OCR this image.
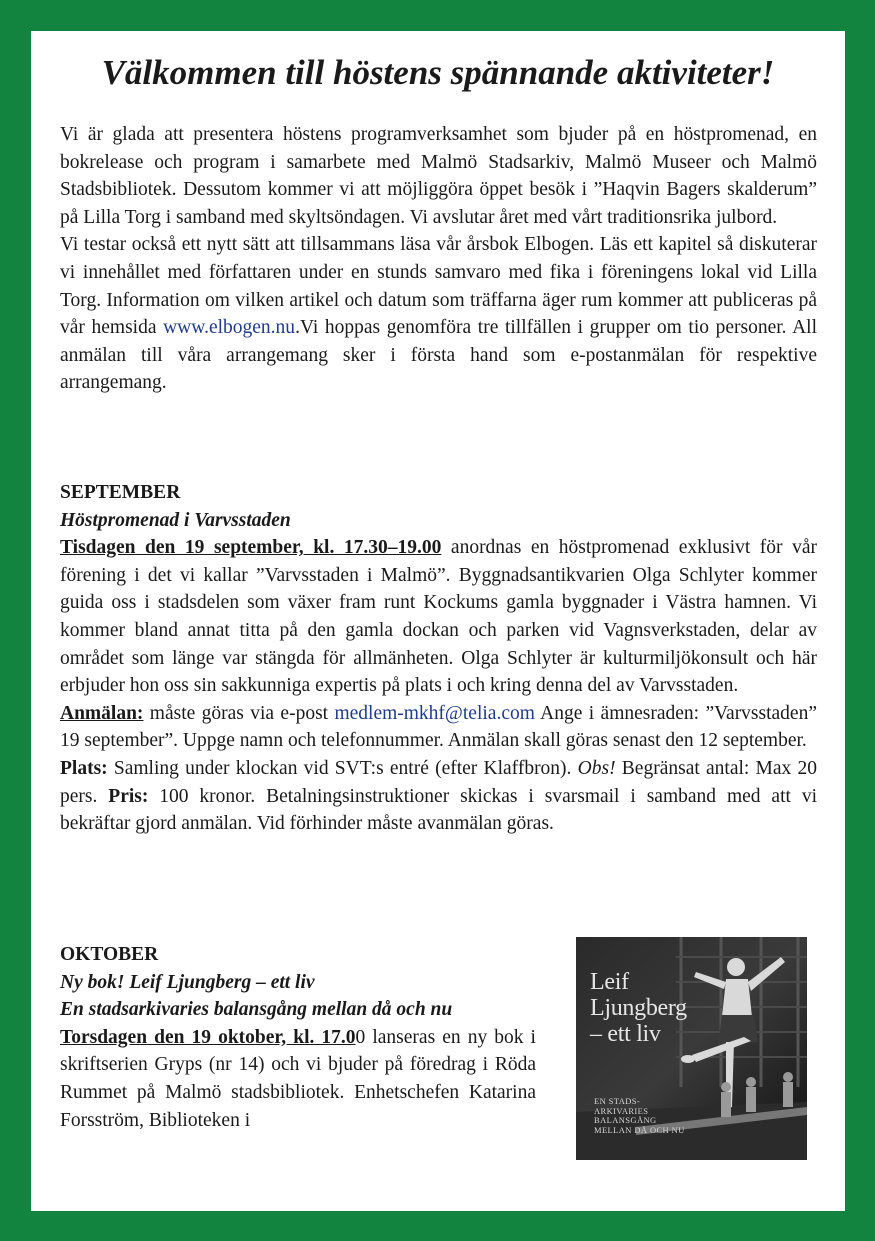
Välkommen till höstens spännande aktiviteter!

Vi är glada att presentera höstens programverksamhet som bjuder på en höstpromenad, en bokrelease och program i samarbete med Malmö Stadsarkiv, Malmö Museer och Malmö Stadsbibliotek. Dessutom kommer vi att möjliggöra öppet besök i ”Haqvin Bagers skalderum” på Lilla Torg i samband med skyltsöndagen. Vi avslutar året med vårt traditionsrika julbord.

Vi testar också ett nytt sätt att tillsammans läsa vår årsbok Elbogen. Läs ett kapitel så diskuterar vi innehållet med författaren under en stunds samvaro med fika i föreningens lokal vid Lilla Torg. Information om vilken artikel och datum som träffarna äger rum kommer att publiceras på vår hemsida www.elbogen.nu.Vi hoppas genomföra tre tillfällen i grupper om tio personer. All anmälan till våra arrangemang sker i första hand som e-postanmälan för respektive arrangemang.

SEPTEMBER

Höstpromenad i Varvsstaden

Tisdagen den 19 september, kl. 17.30–19.00 anordnas en höstpromenad exklusivt för vår förening i det vi kallar ”Varvsstaden i Malmö”. Byggnadsantikvarien Olga Schlyter kommer guida oss i stadsdelen som växer fram runt Kockums gamla byggnader i Västra hamnen. Vi kommer bland annat titta på den gamla dockan och parken vid Vagnsverkstaden, delar av området som länge var stängda för allmänheten. Olga Schlyter är kulturmiljökonsult och här erbjuder hon oss sin sakkunniga expertis på plats i och kring denna del av Varvsstaden.

Anmälan: måste göras via e-post medlem-mkhf@telia.com Ange i ämnesraden: ”Varvsstaden” 19 september”. Uppge namn och telefonnummer. Anmälan skall göras senast den 12 september.

Plats: Samling under klockan vid SVT:s entré (efter Klaffbron). Obs! Begränsat antal: Max 20 pers. Pris: 100 kronor. Betalningsinstruktioner skickas i svarsmail i samband med att vi bekräftar gjord anmälan. Vid förhinder måste avanmälan göras.

OKTOBER

Ny bok! Leif Ljungberg – ett liv

En stadsarkivaries balansgång mellan då och nu

Torsdagen den 19 oktober, kl. 17.00 lanseras en ny bok i skriftserien Gryps (nr 14) och vi bjuder på föredrag i Röda Rummet på Malmö stadsbibliotek. Enhetschefen Katarina Forsström, Biblioteken i

Leif
Ljungberg
– ett liv
EN STADS-
ARKIVARIES
BALANSGÅNG
MELLAN DÅ OCH NU
